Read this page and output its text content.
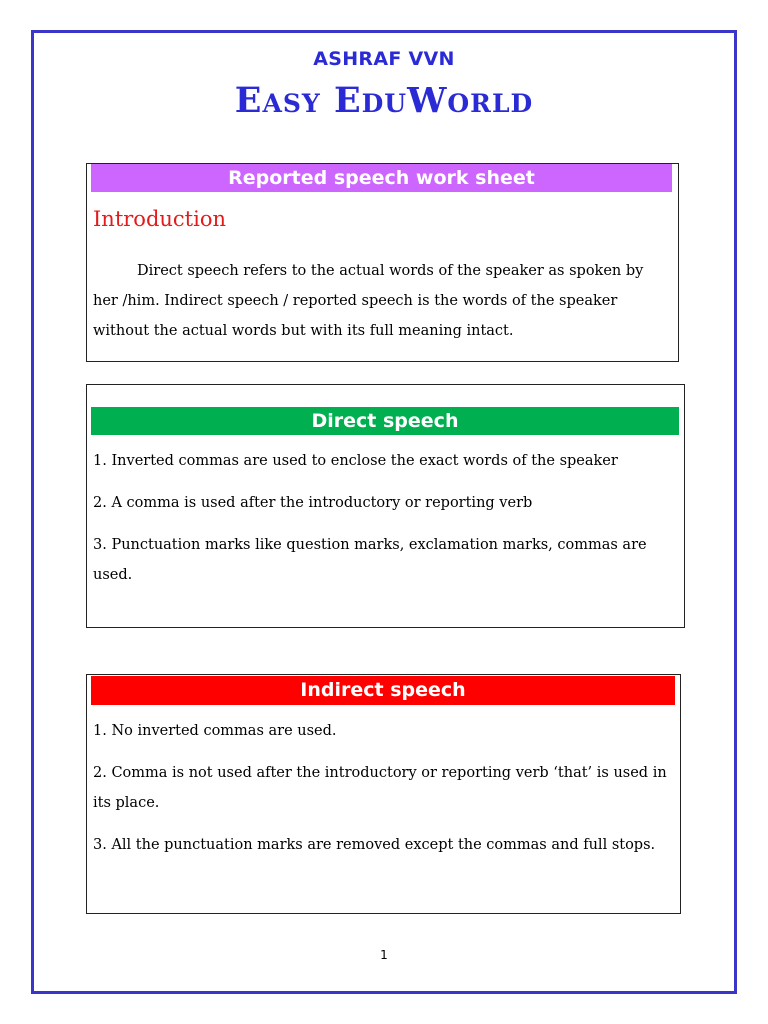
ASHRAF VVN
Easy EduWorld
Reported speech work sheet
Introduction
Direct speech refers to the actual words of the speaker as spoken by her /him. Indirect speech / reported speech is the words of the speaker without the actual words but with its full meaning intact.
Direct speech
1. Inverted commas are used to enclose the exact words of the speaker
2. A comma is used after the introductory or reporting verb
3. Punctuation marks like question marks, exclamation marks, commas are used.
Indirect speech
1. No inverted commas are used.
2. Comma is not used after the introductory or reporting verb ‘that’ is used in its place.
3. All the punctuation marks are removed except the commas and full stops.
1
